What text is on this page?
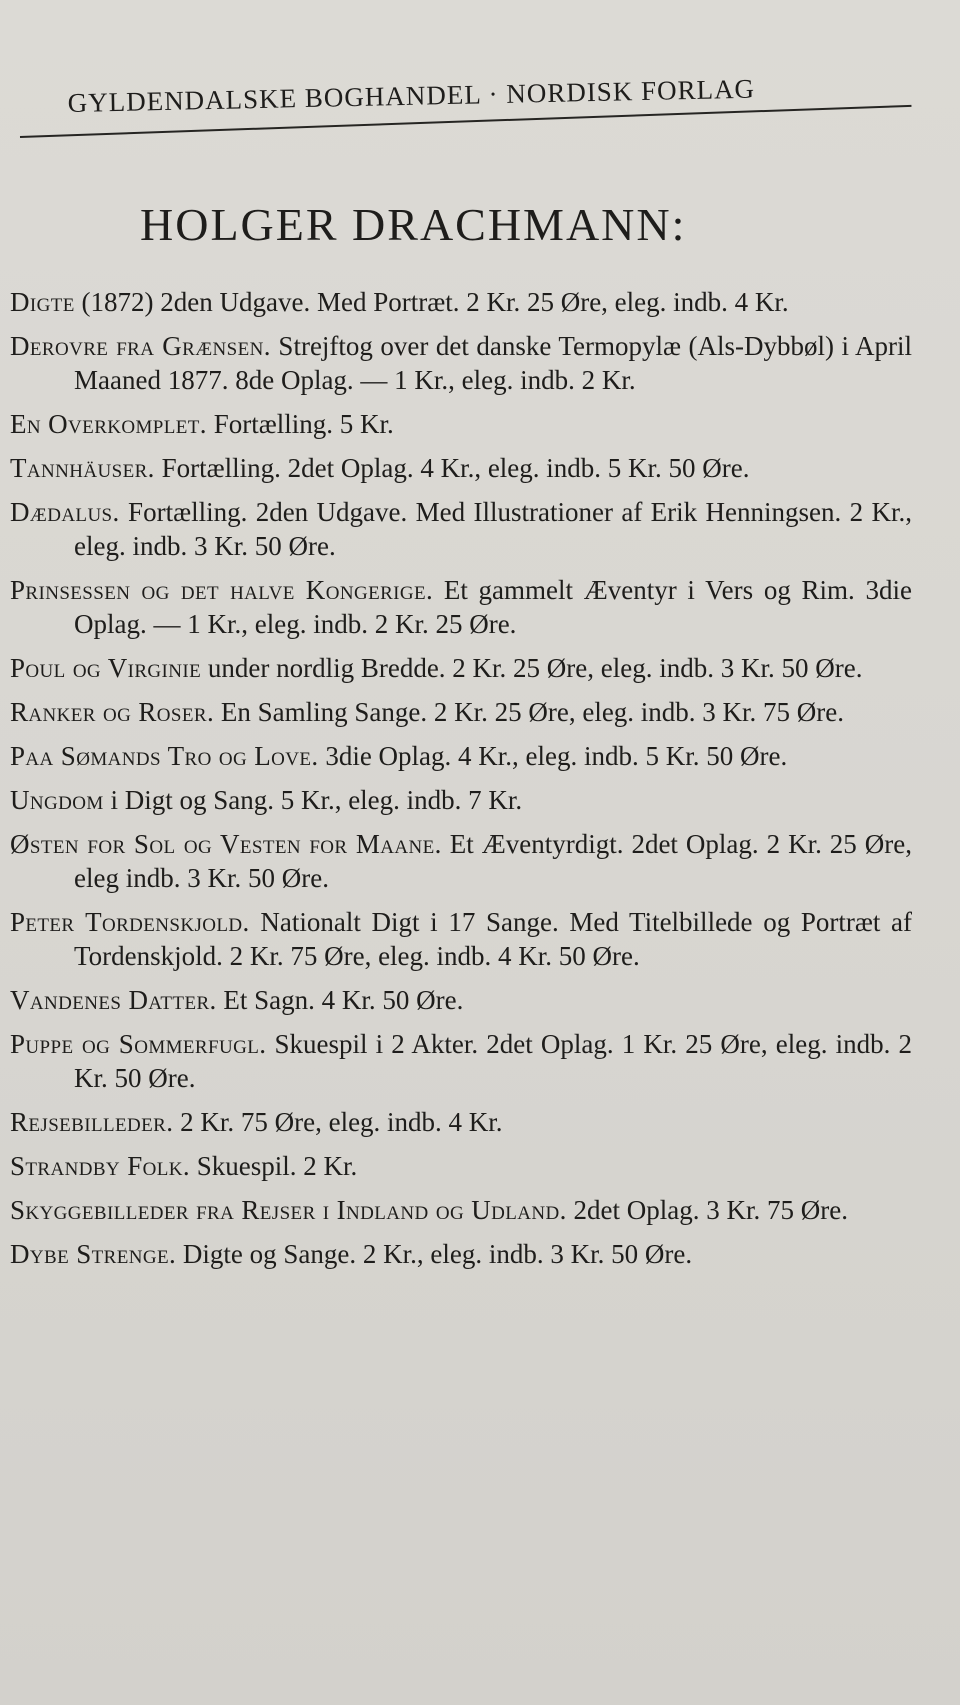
GYLDENDALSKE BOGHANDEL · NORDISK FORLAG
HOLGER DRACHMANN:
Digte (1872) 2den Udgave. Med Portræt. 2 Kr. 25 Øre, eleg. indb. 4 Kr.
Derovre fra Grænsen. Strejftog over det danske Termopylæ (Als-Dybbøl) i April Maaned 1877. 8de Oplag. — 1 Kr., eleg. indb. 2 Kr.
En Overkomplet. Fortælling. 5 Kr.
Tannhäuser. Fortælling. 2det Oplag. 4 Kr., eleg. indb. 5 Kr. 50 Øre.
Dædalus. Fortælling. 2den Udgave. Med Illustrationer af Erik Henningsen. 2 Kr., eleg. indb. 3 Kr. 50 Øre.
Prinsessen og det halve Kongerige. Et gammelt Æventyr i Vers og Rim. 3die Oplag. — 1 Kr., eleg. indb. 2 Kr. 25 Øre.
Poul og Virginie under nordlig Bredde. 2 Kr. 25 Øre, eleg. indb. 3 Kr. 50 Øre.
Ranker og Roser. En Samling Sange. 2 Kr. 25 Øre, eleg. indb. 3 Kr. 75 Øre.
Paa Sømands Tro og Love. 3die Oplag. 4 Kr., eleg. indb. 5 Kr. 50 Øre.
Ungdom i Digt og Sang. 5 Kr., eleg. indb. 7 Kr.
Østen for Sol og Vesten for Maane. Et Æventyrdigt. 2det Oplag. 2 Kr. 25 Øre, eleg indb. 3 Kr. 50 Øre.
Peter Tordenskjold. Nationalt Digt i 17 Sange. Med Titelbillede og Portræt af Tordenskjold. 2 Kr. 75 Øre, eleg. indb. 4 Kr. 50 Øre.
Vandenes Datter. Et Sagn. 4 Kr. 50 Øre.
Puppe og Sommerfugl. Skuespil i 2 Akter. 2det Oplag. 1 Kr. 25 Øre, eleg. indb. 2 Kr. 50 Øre.
Rejsebilleder. 2 Kr. 75 Øre, eleg. indb. 4 Kr.
Strandby Folk. Skuespil. 2 Kr.
Skyggebilleder fra Rejser i Indland og Udland. 2det Oplag. 3 Kr. 75 Øre.
Dybe Strenge. Digte og Sange. 2 Kr., eleg. indb. 3 Kr. 50 Øre.
